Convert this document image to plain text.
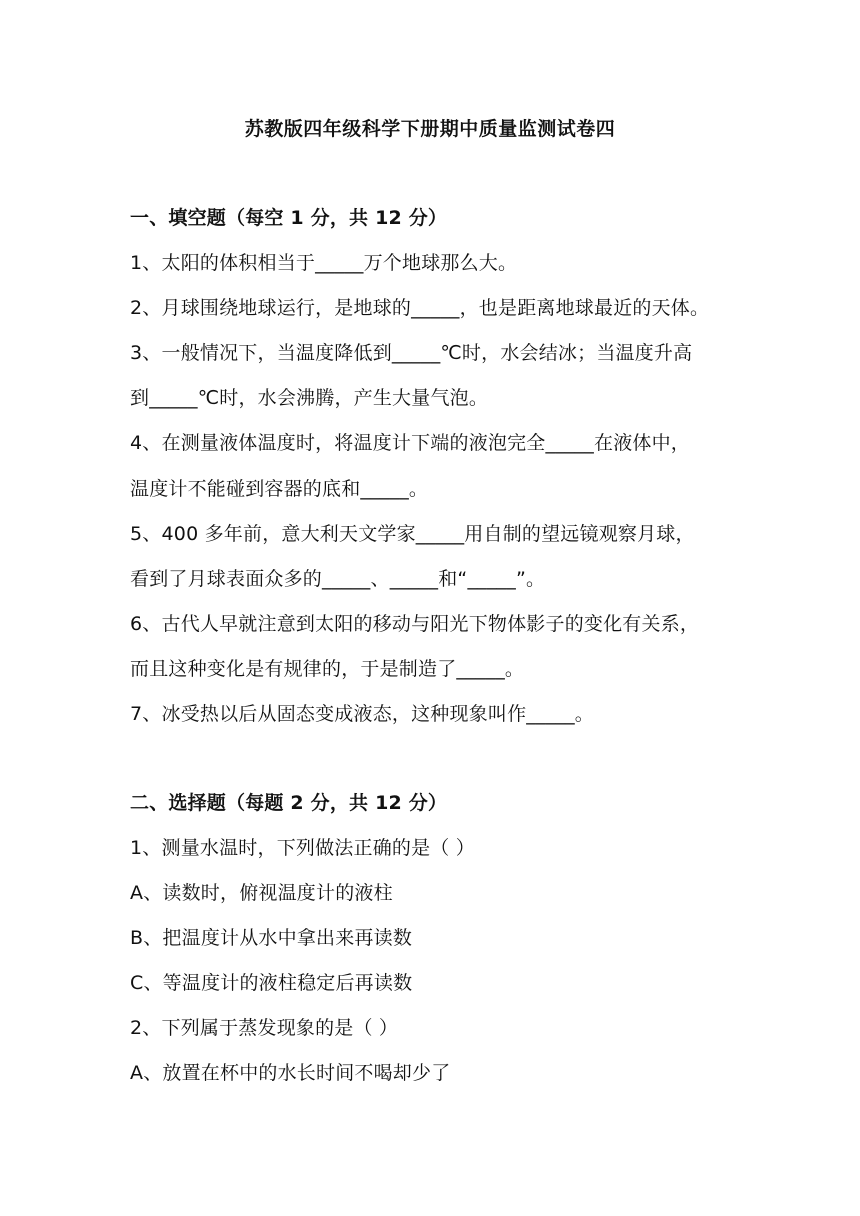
苏教版四年级科学下册期中质量监测试卷四
一、填空题（每空 1 分，共 12 分）
1、太阳的体积相当于_____万个地球那么大。
2、月球围绕地球运行，是地球的_____，也是距离地球最近的天体。
3、一般情况下，当温度降低到_____℃时，水会结冰；当温度升高
到_____℃时，水会沸腾，产生大量气泡。
4、在测量液体温度时，将温度计下端的液泡完全_____在液体中，
温度计不能碰到容器的底和_____。
5、400 多年前，意大利天文学家_____用自制的望远镜观察月球，
看到了月球表面众多的_____、_____和“_____”。
6、古代人早就注意到太阳的移动与阳光下物体影子的变化有关系，
而且这种变化是有规律的，于是制造了_____。
7、冰受热以后从固态变成液态，这种现象叫作_____。
二、选择题（每题 2 分，共 12 分）
1、测量水温时，下列做法正确的是（ ）
A、读数时，俯视温度计的液柱
B、把温度计从水中拿出来再读数
C、等温度计的液柱稳定后再读数
2、下列属于蒸发现象的是（ ）
A、放置在杯中的水长时间不喝却少了
